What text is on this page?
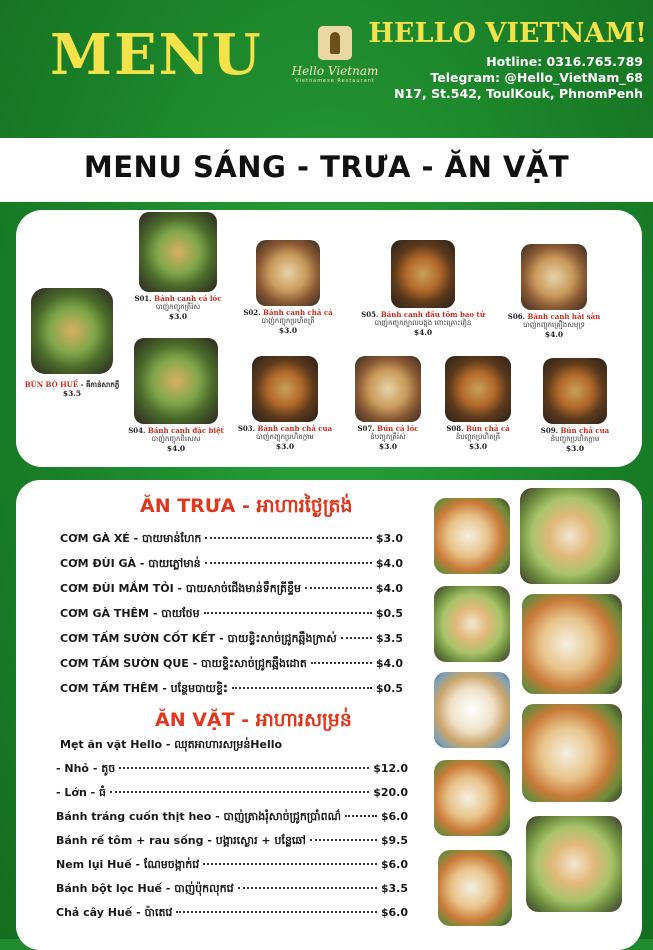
MENU	Hello Vietnam
Vietnamese Restaurant
HELLO VIETNAM!
Hotline: 0316.765.789
Telegram: @Hello_VietNam_68
N17, St.542, ToulKouk, PhnomPenh
MENU SÁNG - TRƯA - ĂN VẶT
BÚN BÒ HUẾ - ឝីកាន់សាកភ្លី
$3.5
S01. Bánh canh cá lóc
បាញ់កញ្ចុកត្រីរ៉ស់
$3.0	S02. Bánh canh chả cá
បាញ់កញ្ចុកប្រហិតត្រី
$3.0
S05. Bánh canh đầu tôm bao tử
បាញ់កញ្ចុកក្បាលបង្កង ពោះគ្រោះវៀន
$4.0
S06. Bánh canh hải sản
បាញ់កញ្ចុកគ្រឿងសមុទ្រ
$4.0
S04. Bánh canh đặc biệt
បាញ់កញ្ចុកពិសេស
$4.0
S03. Bánh canh chả cua
បាញ់កញ្ចុកប្រហិតក្តាម
$3.0
S07. Bún cá lóc
នំបញ្ចុកត្រីរ៉ស់
$3.0
S08. Bún chả cá
នំបញ្ចុកប្រហិតត្រី
$3.0
S09. Bún chả cua
នំបញ្ចុកប្រហិតក្តាម
$3.0
ĂN TRƯA - អាហារថ្ងៃត្រង់
CƠM GÀ XÉ - បាយមាន់ហែក	$3.0
CƠM ĐÙI GÀ - បាយភ្លៅមាន់	$4.0
CƠM ĐÙI MẮM TỎI - បាយសាច់ជើងមាន់ទឹកត្រីខ្ទឹម	$4.0
CƠM GÀ THÊM - បាយថែម	$0.5
CƠM TẤM SƯỜN CỐT KẾT - បាយខ្ទិះសាច់ជ្រូកឆ្អឹងក្រាស់	$3.5
CƠM TẤM SƯỜN QUE - បាយខ្ទិះសាច់ជ្រូកឆ្អឹងដោត	$4.0
CƠM TẤM THÊM - បន្ថែមបាយខ្ទិះ	$0.5
ĂN VẶT - អាហារសម្រន់
Mẹt ăn vặt Hello - ឈុតអាហារសម្រន់Hello
- Nhỏ - តូច	$12.0
- Lớn - ធំ	$20.0
Bánh tráng cuốn thịt heo - បាញ់ត្រាងរុំសាច់ជ្រូកប្រាំពណ៌	$6.0
Bánh rế tôm + rau sống - បង្គារស្ងោរ + បន្លែឆៅ	$9.5
Nem lụi Huế - ណែមចង្កាក់វេ	$6.0
Bánh bột lọc Huế - បាញ់ប៉ុកលុកវេ	$3.5
Chả cây Huế - ប៉ាតេវេ	$6.0
